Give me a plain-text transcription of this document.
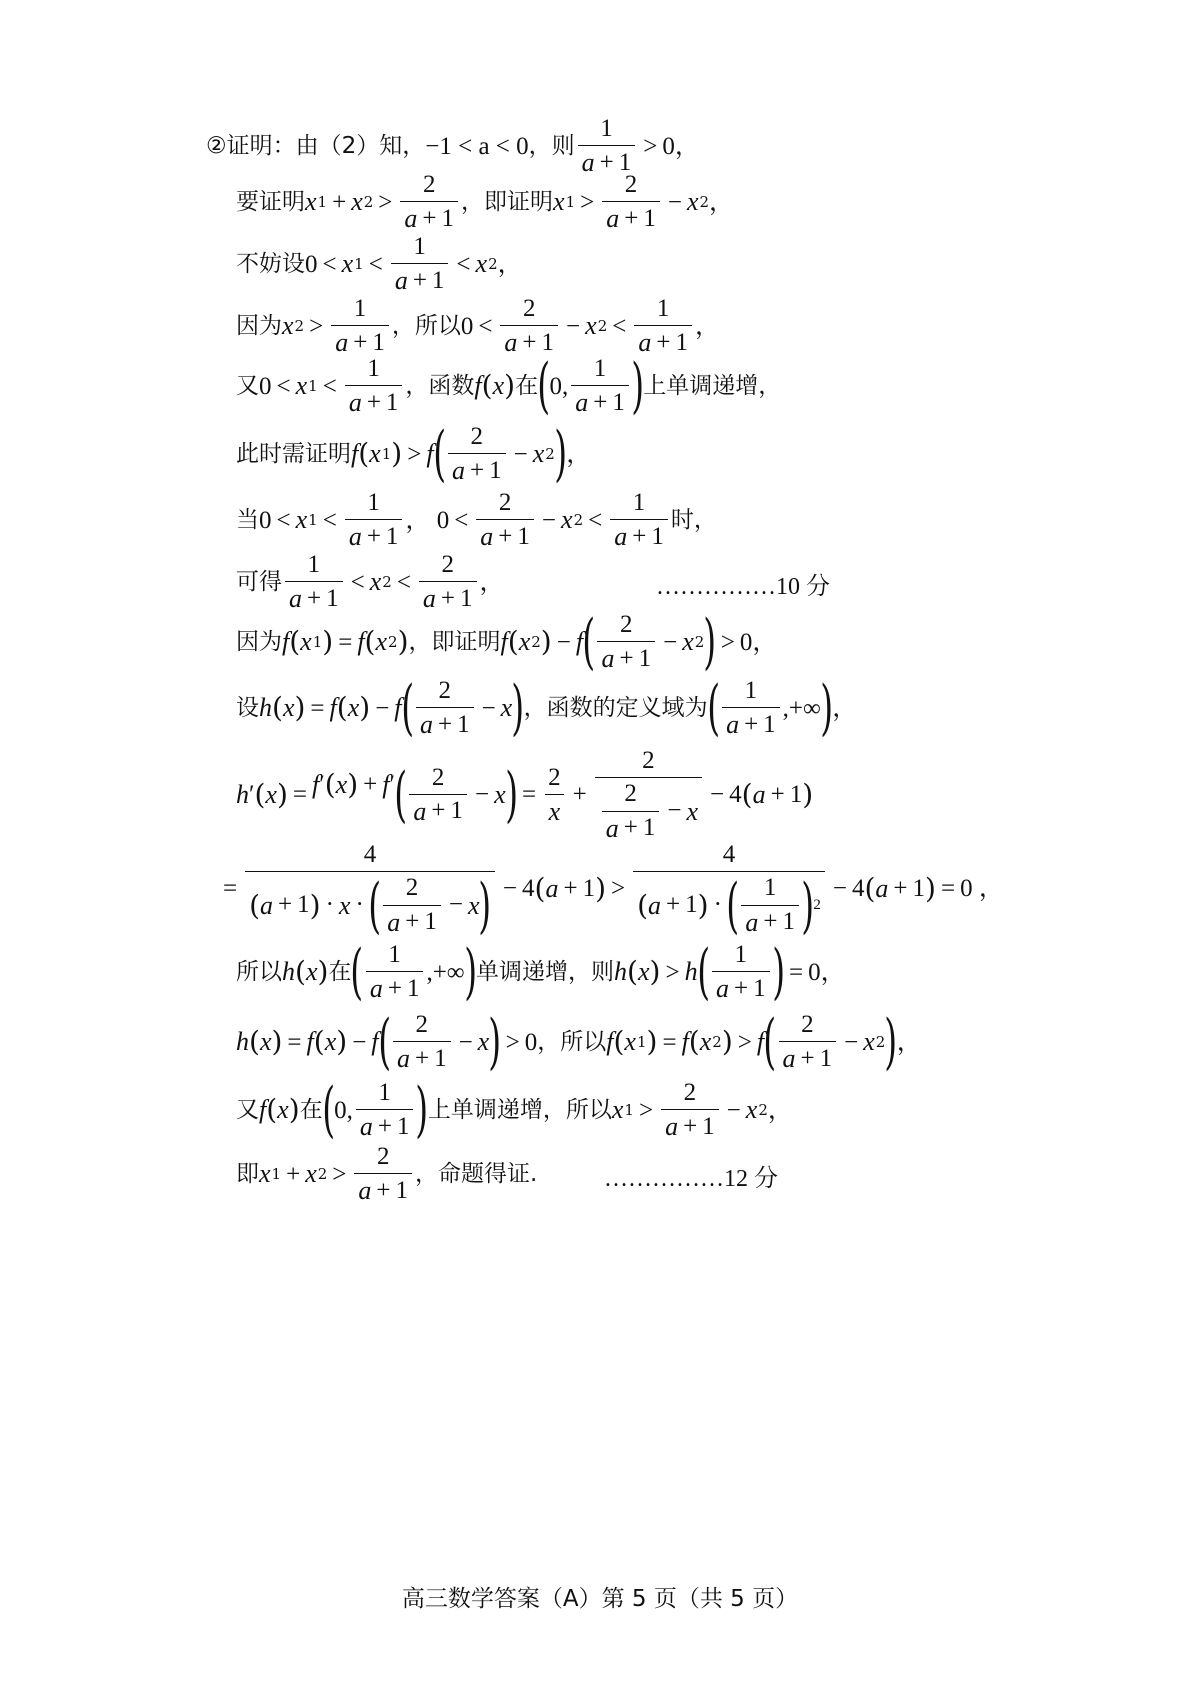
②证明：由（2）知， −1 < a < 0 ，则 $\frac{1}{a + 1} > 0$ ，
要证明 x 1 + x $2 > \frac{2}{a + 1}$ ，即证明 x $1 > \frac{2}{a + 1} - x$ 2 ，
不妨设 0 < x $1 < \frac{1}{a + 1} < x$ 2 ，
因为 x $2 > \frac{1}{a + 1}$ ，所以 $0 < \frac{2}{a + 1} - x$ $2 < \frac{1}{a + 1}$ ，
又 0 < x $1 < \frac{1}{a + 1}$ ，函数 f ( x ) 在 ( 0, $\frac{1}{a + 1}$ ) 上单调递增，
此时需证明 f ( x 1 ) > f ( $\frac{2}{a + 1} - x$ 2 ) ，
当 0 < x $1 < \frac{1}{a + 1}$ ， $0 < \frac{2}{a + 1} - x$ $2 < \frac{1}{a + 1}$ 时，
可得 $\frac{1}{a + 1} < x$ $2 < \frac{2}{a + 1}$ ，	……………10 分
因为 f ( x 1 ) = f ( x 2 ) ，即证明 f ( x 2 ) − f ( $\frac{2}{a + 1} - x$ 2 ) > 0，
设 h ( x ) = f ( x ) − f ( $\frac{2}{a + 1} - x$ ) ，函数的定义域为 ( $\frac{1}{a + 1}$ ,+∞ ) ，
h ′ ( x ) = f ′ ( x ) + f ′ ( $\frac{2}{a + 1} - x$ ) = $\frac{2}{x} + \frac{2}{\frac{2}{a + 1} - x} - 4$ ( a + 1 )
= $\frac{4}{( a + 1 ) \cdot x \cdot ( \frac{2}{a + 1} - x )} - 4$ ( a + 1 ) > $\frac{4}{( a + 1 ) \cdot ( \frac{1}{a + 1} ) 2} - 4$ ( a + 1 ) = 0 ，
所以 h ( x ) 在 ( $\frac{1}{a + 1}$ ,+∞ ) 单调递增，则 h ( x ) > h ( $\frac{1}{a + 1}$ ) = 0，
h ( x ) = f ( x ) − f ( $\frac{2}{a + 1} - x$ ) > 0 ，所以 f ( x 1 ) = f ( x 2 ) > f ( $\frac{2}{a + 1} - x$ 2 ) ，
又 f ( x ) 在 ( 0, $\frac{1}{a + 1}$ ) 上单调递增，所以 x $1 > \frac{2}{a + 1} - x$ 2 ，
即 x 1 + x $2 > \frac{2}{a + 1}$ ，命题得证.	……………12 分
高三数学答案（A）第 5 页（共 5 页）
